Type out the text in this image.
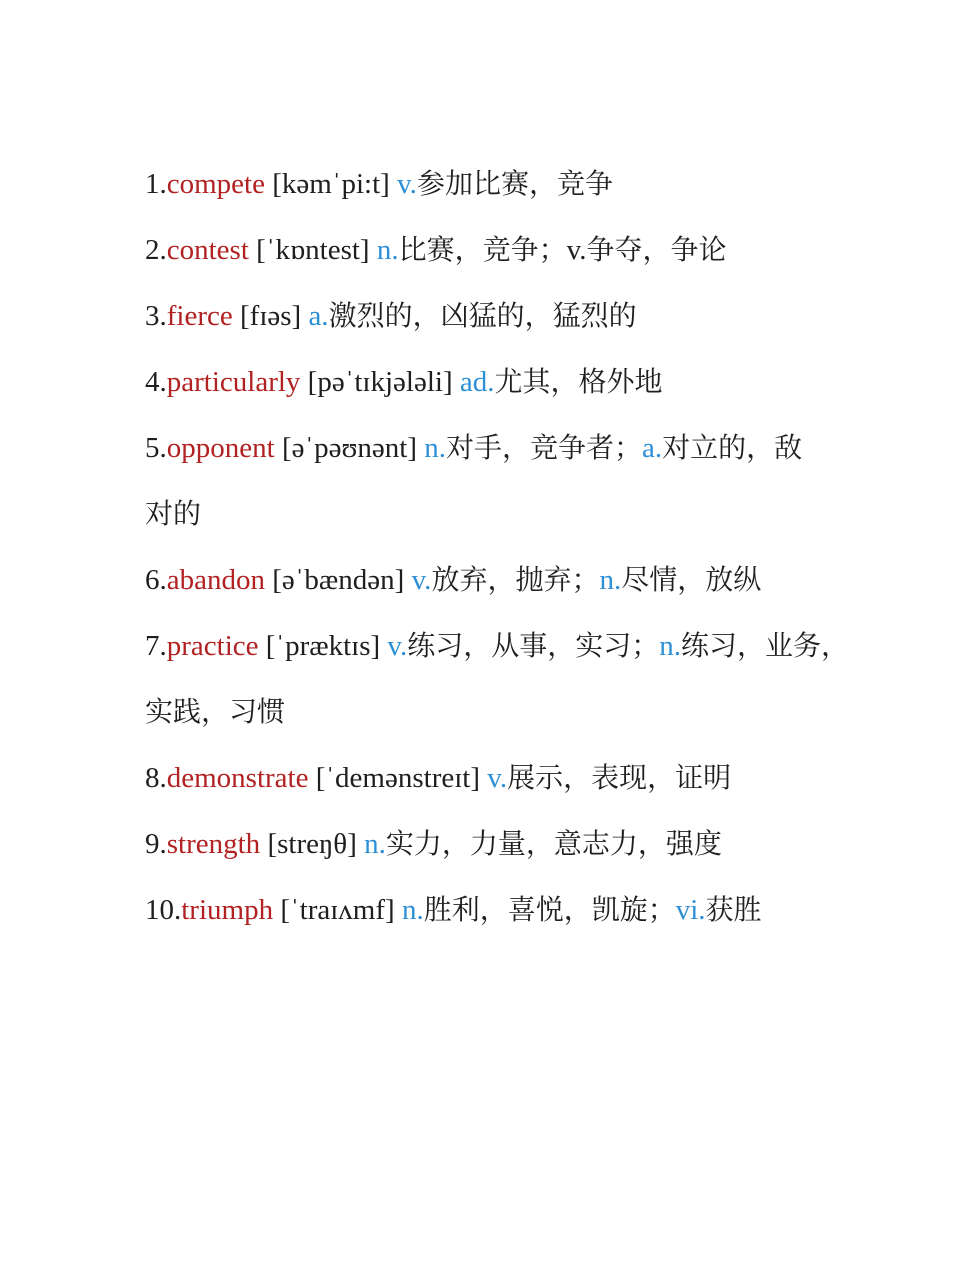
1.compete [kəmˈpi:t] v.参加比赛，竞争

2.contest [ˈkɒntest] n.比赛，竞争；v.争夺，争论

3.fierce [fɪəs] a.激烈的，凶猛的，猛烈的

4.particularly [pəˈtɪkjələli] ad.尤其，格外地

5.opponent [əˈpəʊnənt] n.对手，竞争者；a.对立的，敌
对的

6.abandon [əˈbændən] v.放弃，抛弃；n.尽情，放纵

7.practice [ˈpræktɪs] v.练习，从事，实习；n.练习，业务，
实践，习惯

8.demonstrate [ˈdemənstreɪt] v.展示，表现，证明

9.strength [streŋθ] n.实力，力量，意志力，强度

10.triumph [ˈtraɪʌmf] n.胜利，喜悦，凯旋；vi.获胜
